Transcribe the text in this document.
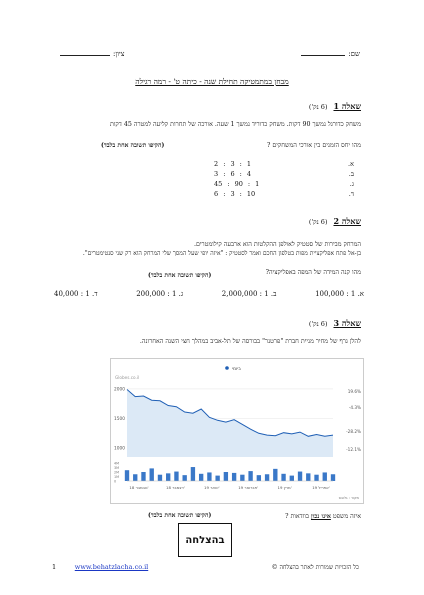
שם:
ציון:
מבחן במתמטיקה תחילת שנה - כיתה ט' - רמה רגילה
שאלה 1(6 נק')
משחק כדורגל נמשך 90 דקות. משחק כדוריד נמשך 1 שעה. אורכה של תחרות קליעה למטרה 45 דקות
מהו יחס הזמנים בין אורכי המשחקים ?
(הקיפו תשובה אחת בלבד)
א.
2 : 3 : 1
ב.
3 : 6 : 4
ג.
45 : 90 : 1
ד.
6 : 3 : 10
שאלה 2(6 נק')
המרחק מבירות של סטטיק לאולפן ההקלטות הוא ארבעה קילומטרים.
בן-אל פתח אפליקציית מפות בטלפון החכם ואמר לסטטיק : "איזה יופי שעל המסך שלי המרחק הוא רק שני סנטימטרים".
מהו קנה המידה של המפה באפליקציה?
(הקיפו תשובה אחת בלבד)
א. 1 : 100,000
ב. 1 : 2,000,000
ג. 1 : 200,000
ד. 1 : 40,000
שאלה 3(6 נק')
להלן גרף של מחיר מניית חברת "פרטנר" בבורסה של תל-אביב במהלך חצי השנה האחרונה.
ביומי
Globes.co.il
2000
1500
1000
19.6%
-4.3%
-28.2%
-12.1%
4M
3M
2M
1M
0
נובמבר 18'	דצמבר 18'	ינואר 19'	פברואר 19'	מרץ 19'	אפריל 19'
מקור : גלובס
איזה משפט אינו נכון בוודאות ?
(הקיפו תשובה אחת בלבד)
בהצלחה
1	www.behatzlacha.co.il	כל הזכויות שמורות לאתר בהצלחה ©
